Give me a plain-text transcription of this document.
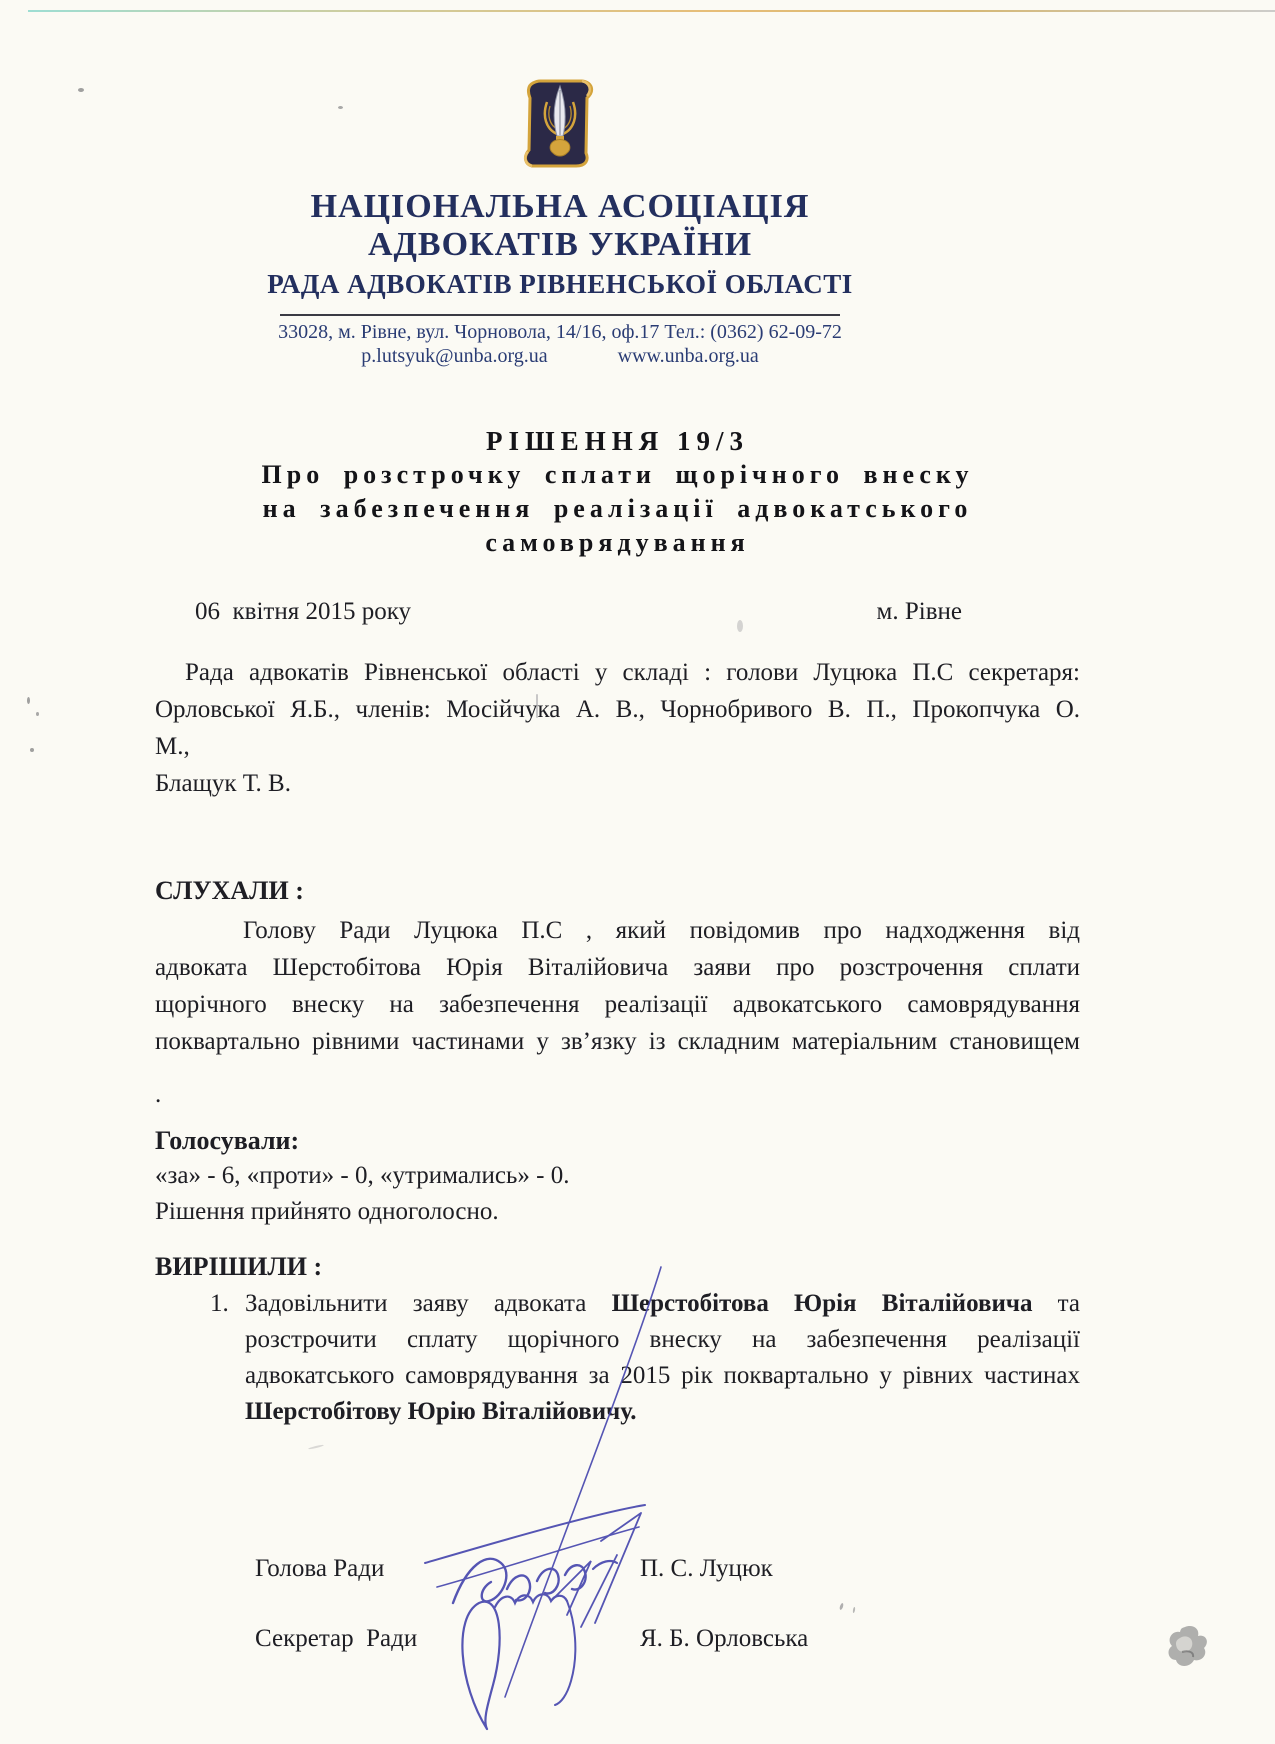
НАЦІОНАЛЬНА АСОЦІАЦІЯ
АДВОКАТІВ УКРАЇНИ
РАДА АДВОКАТІВ РІВНЕНСЬКОЇ ОБЛАСТІ
33028, м. Рівне, вул. Чорновола, 14/16, оф.17 Тел.: (0362) 62-09-72
p.lutsyuk@unba.org.ua	www.unba.org.ua
РІШЕННЯ 19/3
Про розстрочку сплати щорічного внеску
на забезпечення реалізації адвокатського
самоврядування
06  квітня 2015 року	м. Рівне
Рада адвокатів Рівненської області у складі : голови Луцюка П.С секретаря:
Орловської Я.Б., членів: Мосійчука А. В., Чорнобривого В. П., Прокопчука О.
М.,
Блащук Т. В.
СЛУХАЛИ :
Голову Ради Луцюка П.С , який повідомив про надходження від
адвоката Шерстобітова Юрія Віталійовича заяви про розстрочення сплати
щорічного внеску на забезпечення реалізації адвокатського самоврядування
поквартально рівними частинами у зв’язку із складним матеріальним становищем
.
Голосували:
«за» - 6, «проти» - 0, «утримались» - 0.
Рішення прийнято одноголосно.
ВИРІШИЛИ :
1. Задовільнити заяву адвоката Шерстобітова Юрія Віталійовича та
розстрочити сплату щорічного внеску на забезпечення реалізації
адвокатського самоврядування за 2015 рік поквартально у рівних частинах
Шерстобітову Юрію Віталійовичу.
Голова Ради	П. С. Луцюк
Секретар  Ради	Я. Б. Орловська
